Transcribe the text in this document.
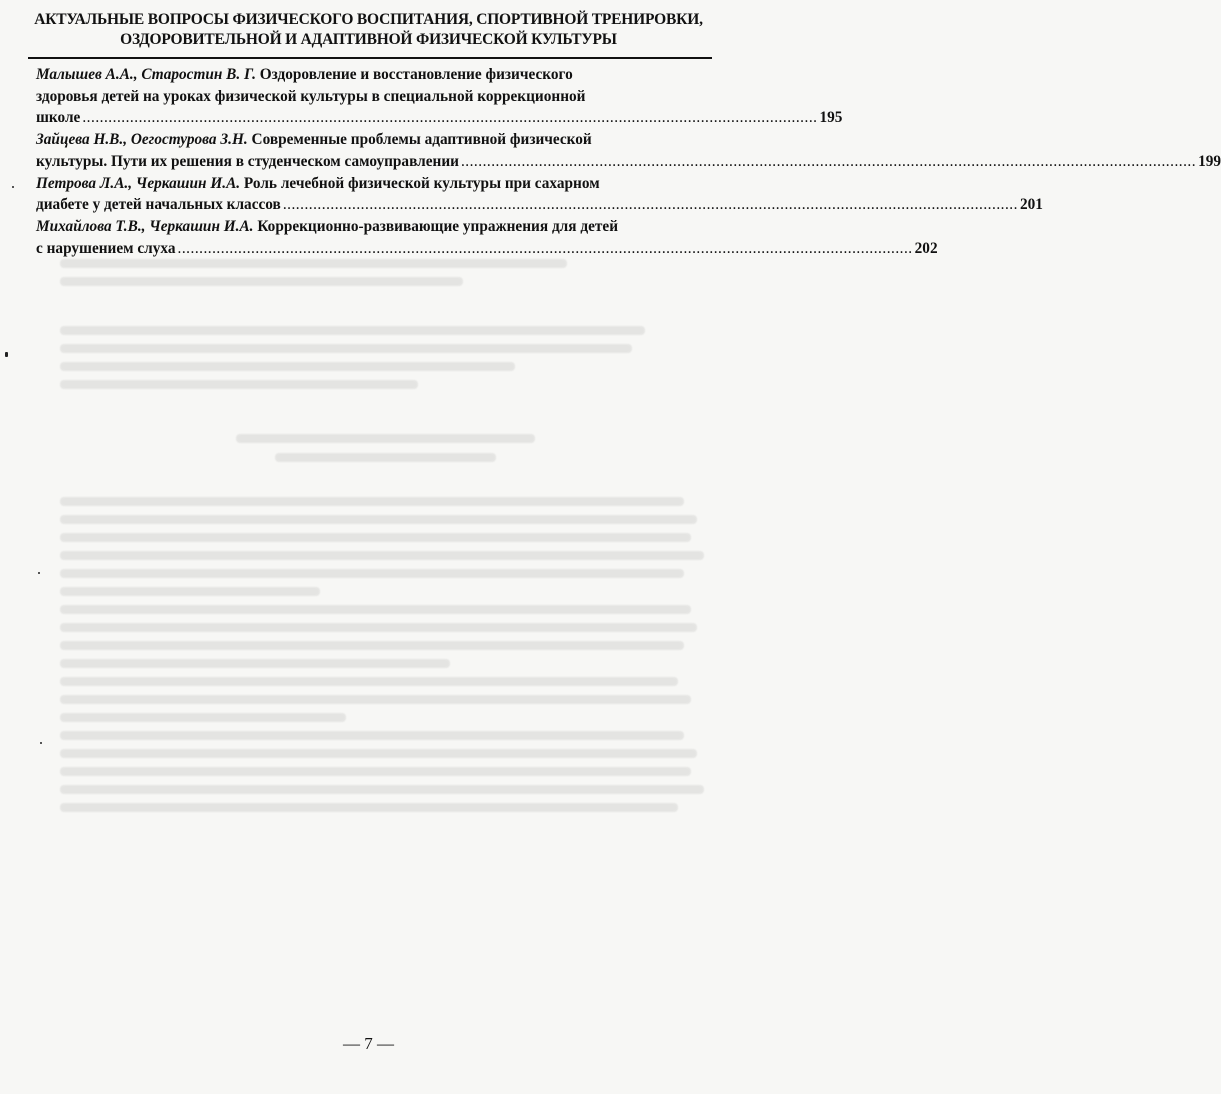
АКТУАЛЬНЫЕ ВОПРОСЫ ФИЗИЧЕСКОГО ВОСПИТАНИЯ, СПОРТИВНОЙ ТРЕНИРОВКИ,
ОЗДОРОВИТЕЛЬНОЙ И АДАПТИВНОЙ ФИЗИЧЕСКОЙ КУЛЬТУРЫ
Малышев А.А., Старостин В. Г. Оздоровление и восстановление физического
здоровья детей на уроках физической культуры в специальной коррекционной
школе .......................................................................................................................................................................... 195
Зайцева Н.В., Оегостурова З.Н. Современные проблемы адаптивной физической
культуры. Пути их решения в студенческом самоуправлении .......................................................................................................................................................................... 199
Петрова Л.А., Черкашин И.А. Роль лечебной физической культуры при сахарном
диабете у детей начальных классов .......................................................................................................................................................................... 201
Михайлова Т.В., Черкашин И.А. Коррекционно-развивающие упражнения для детей
с нарушением слуха .......................................................................................................................................................................... 202
— 7 —
